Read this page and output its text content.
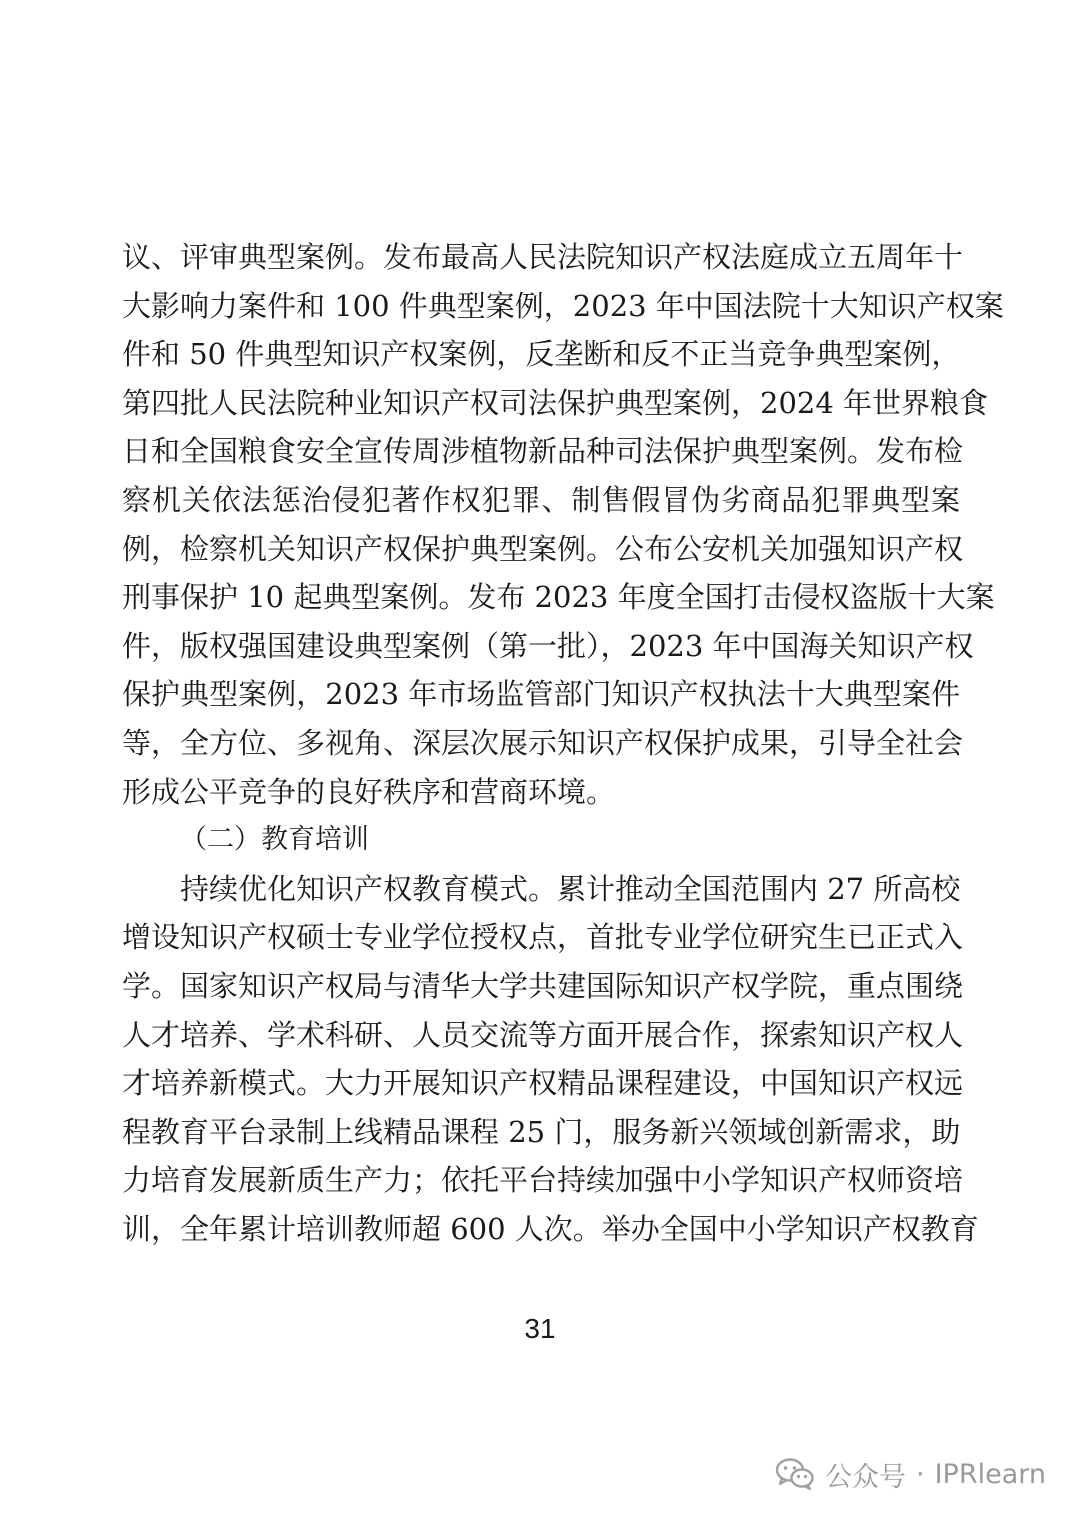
议、评审典型案例。发布最高人民法院知识产权法庭成立五周年十
大影响力案件和 100 件典型案例，2023 年中国法院十大知识产权案
件和 50 件典型知识产权案例，反垄断和反不正当竞争典型案例，
第四批人民法院种业知识产权司法保护典型案例，2024 年世界粮食
日和全国粮食安全宣传周涉植物新品种司法保护典型案例。发布检
察机关依法惩治侵犯著作权犯罪、制售假冒伪劣商品犯罪典型案
例，检察机关知识产权保护典型案例。公布公安机关加强知识产权
刑事保护 10 起典型案例。发布 2023 年度全国打击侵权盗版十大案
件，版权强国建设典型案例（第一批），2023 年中国海关知识产权
保护典型案例，2023 年市场监管部门知识产权执法十大典型案件
等，全方位、多视角、深层次展示知识产权保护成果，引导全社会
形成公平竞争的良好秩序和营商环境。
（二）教育培训
持续优化知识产权教育模式。累计推动全国范围内 27 所高校
增设知识产权硕士专业学位授权点，首批专业学位研究生已正式入
学。国家知识产权局与清华大学共建国际知识产权学院，重点围绕
人才培养、学术科研、人员交流等方面开展合作，探索知识产权人
才培养新模式。大力开展知识产权精品课程建设，中国知识产权远
程教育平台录制上线精品课程 25 门，服务新兴领域创新需求，助
力培育发展新质生产力；依托平台持续加强中小学知识产权师资培
训，全年累计培训教师超 600 人次。举办全国中小学知识产权教育
31
公众号 · IPRlearn
